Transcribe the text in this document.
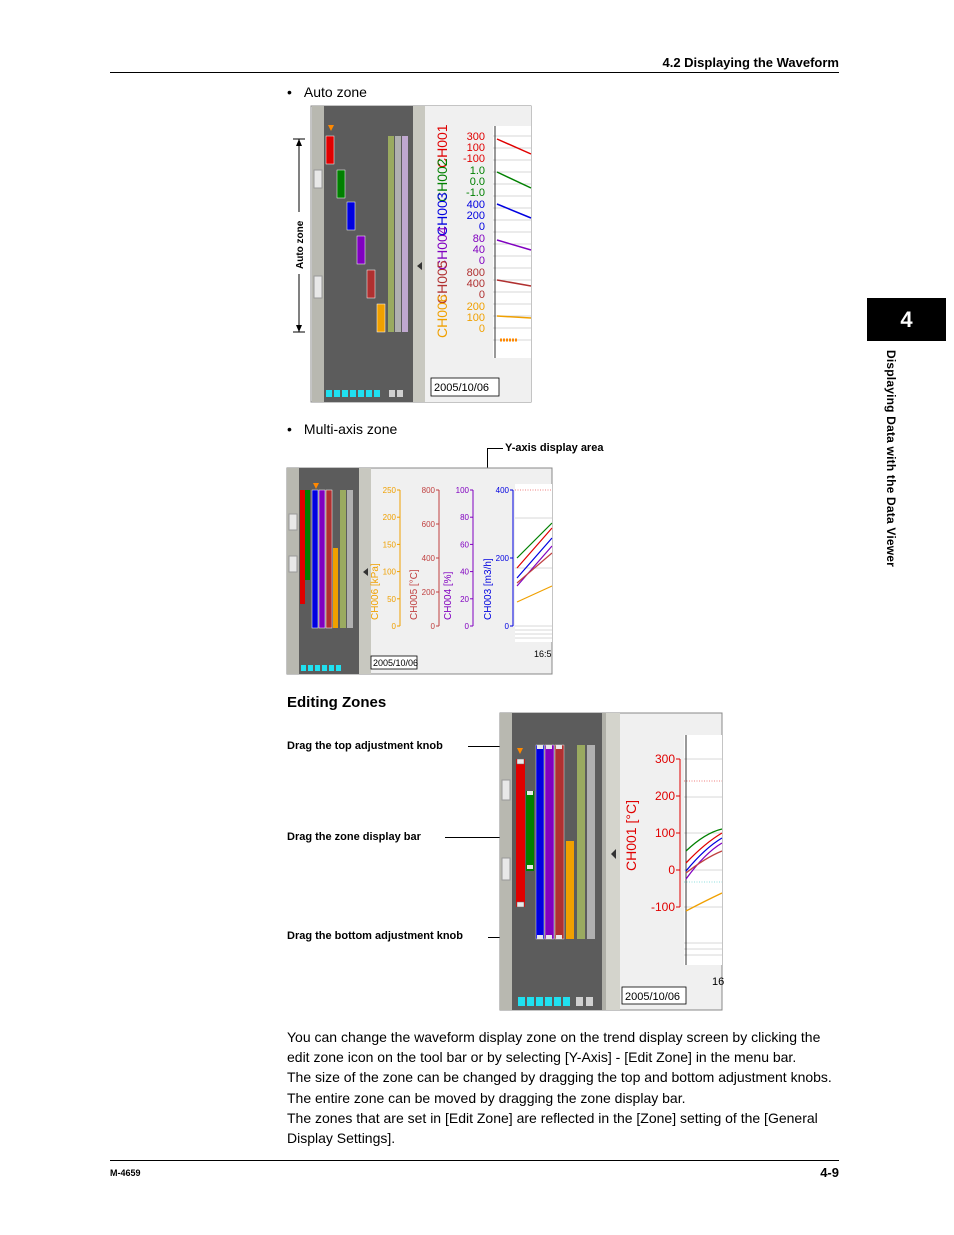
4.2 Displaying the Waveform
4
Displaying Data with the Data Viewer
• Auto zone
Auto zone
CH001
CH002
CH003
CH004
CH005
CH006
300
100
-100
1.0
0.0
-1.0
400
200
0
80
40
0
800
400
0
200
100
0
2005/10/06
• Multi-axis zone
Y-axis display area
2005/10/06
250
200
150
100
50
0
CH006 [kPa]
800
600
400
200
0
CH005 [°C]
100
80
60
40
20
0
CH004 [%]
400
200
0
CH003 [m3/h]
16:5
Editing Zones
Drag the top adjustment knob
Drag the zone display bar
Drag the bottom adjustment knob
300
200
100
0
-100
CH001 [°C]
16
2005/10/06

You can change the waveform display zone on the trend display screen by clicking the edit zone icon on the tool bar or by selecting [Y-Axis] - [Edit Zone] in the menu bar.

The size of the zone can be changed by dragging the top and bottom adjustment knobs.

The entire zone can be moved by dragging the zone display bar.

The zones that are set in [Edit Zone] are reflected in the [Zone] setting of the [General Display Settings].

M-4659	4-9
